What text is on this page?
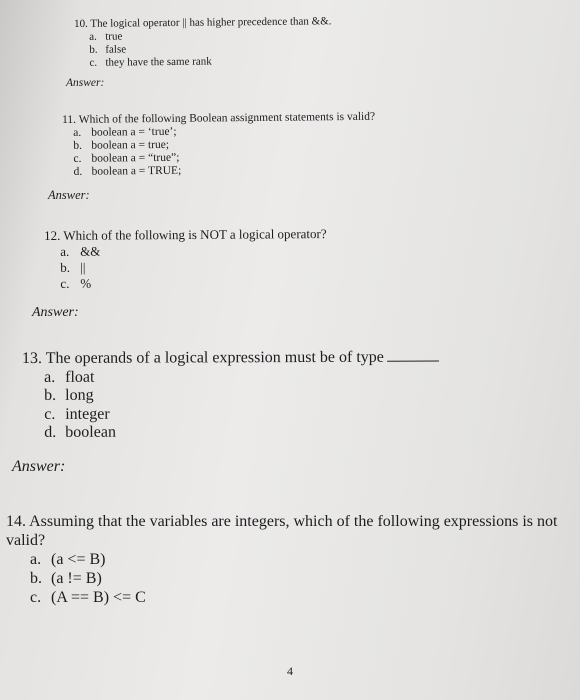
10. The logical operator || has higher precedence than &&.
a. true
b. false
c. they have the same rank
Answer:
11. Which of the following Boolean assignment statements is valid?
a. boolean a = ‘true’;
b. boolean a = true;
c. boolean a = “true”;
d. boolean a = TRUE;
Answer:
12. Which of the following is NOT a logical operator?
a. &&
b. ||
c. %
Answer:
13. The operands of a logical expression must be of type
a. float
b. long
c. integer
d. boolean
Answer:
14. Assuming that the variables are integers, which of the following expressions is not valid?
a. (a <= B)
b. (a != B)
c. (A == B) <= C
4
